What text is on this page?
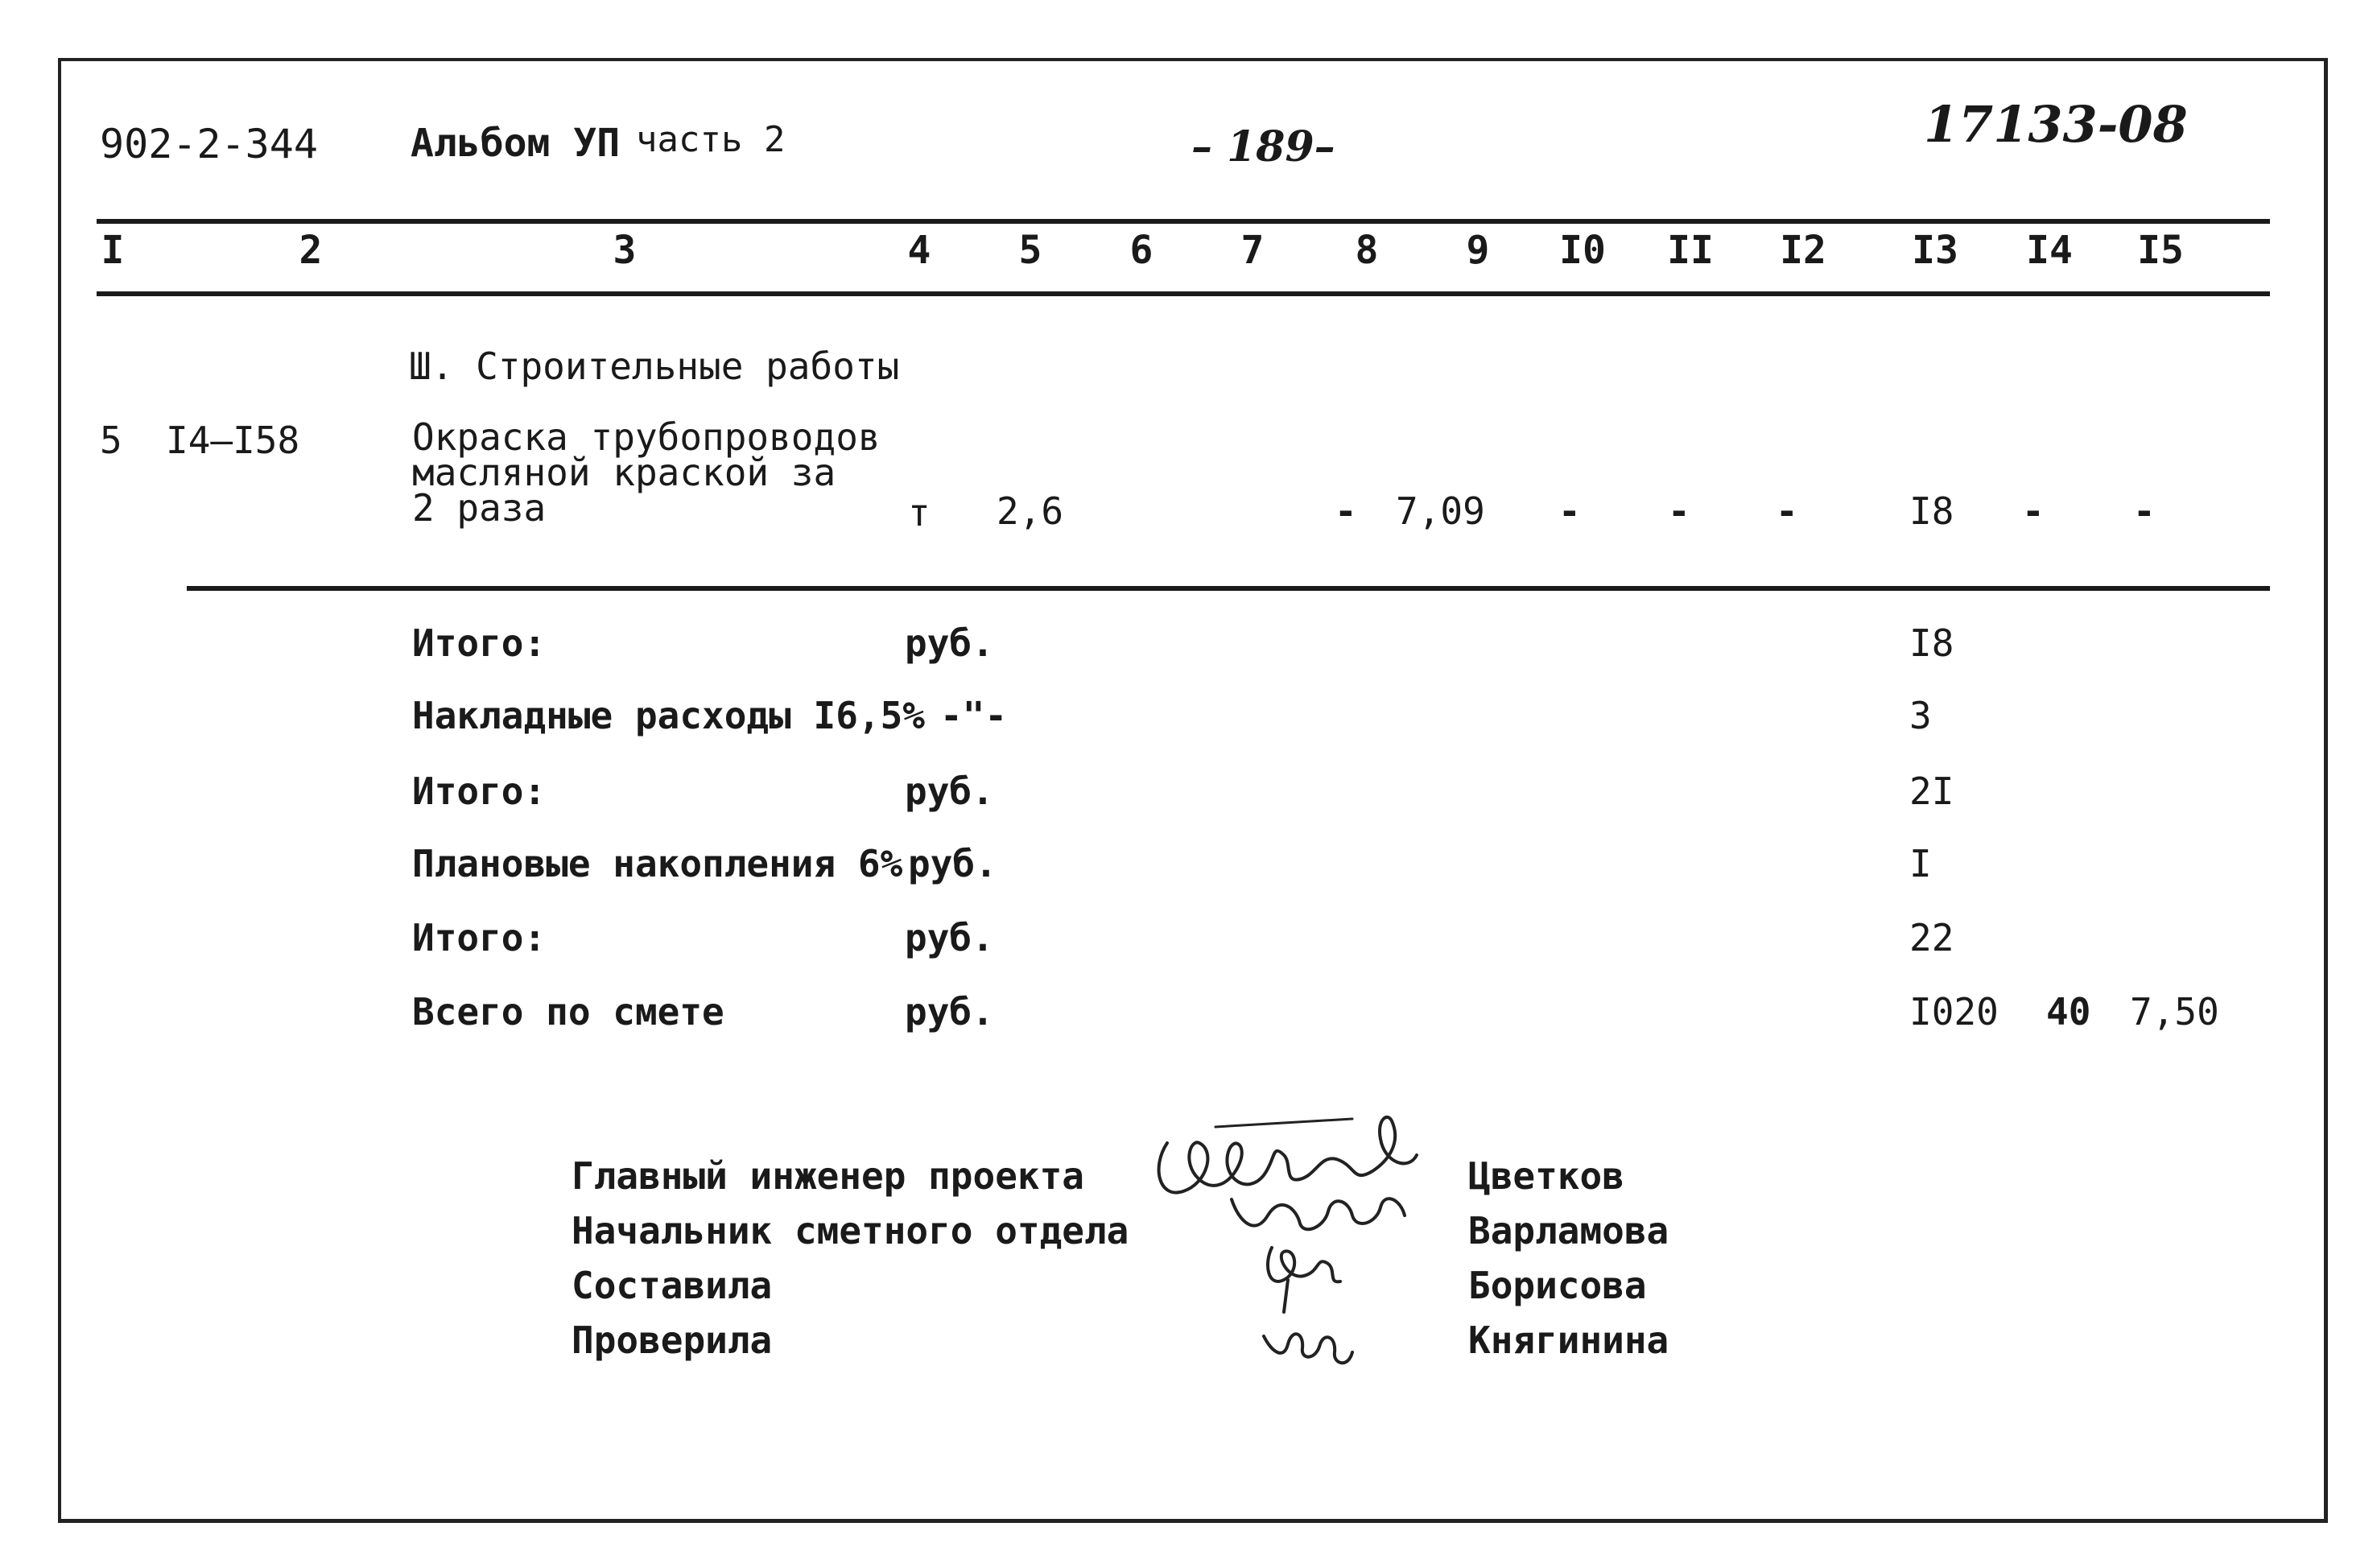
902-2-344 Альбом УП часть 2	– 189–	17133-08
I	2	3	4 5 6 7 8 9 I0 II I2 I3 I4 I5
Ш. Строительные работы
5 I4–I58	Окраска трубопроводов
масляной краской за
2 раза	т 2,6	- 7,09 - - -	I8 - -
Итого:	руб.	I8
Накладные расходы I6,5% -"-	3
Итого:	руб.	2I
Плановые накопления 6% руб.	I
Итого:	руб.	22
Всего по смете	руб.	I020 40 7,50
Главный инженер проекта
Начальник сметного отдела
Составила
Проверила
Цветков
Варламова
Борисова
Княгинина
